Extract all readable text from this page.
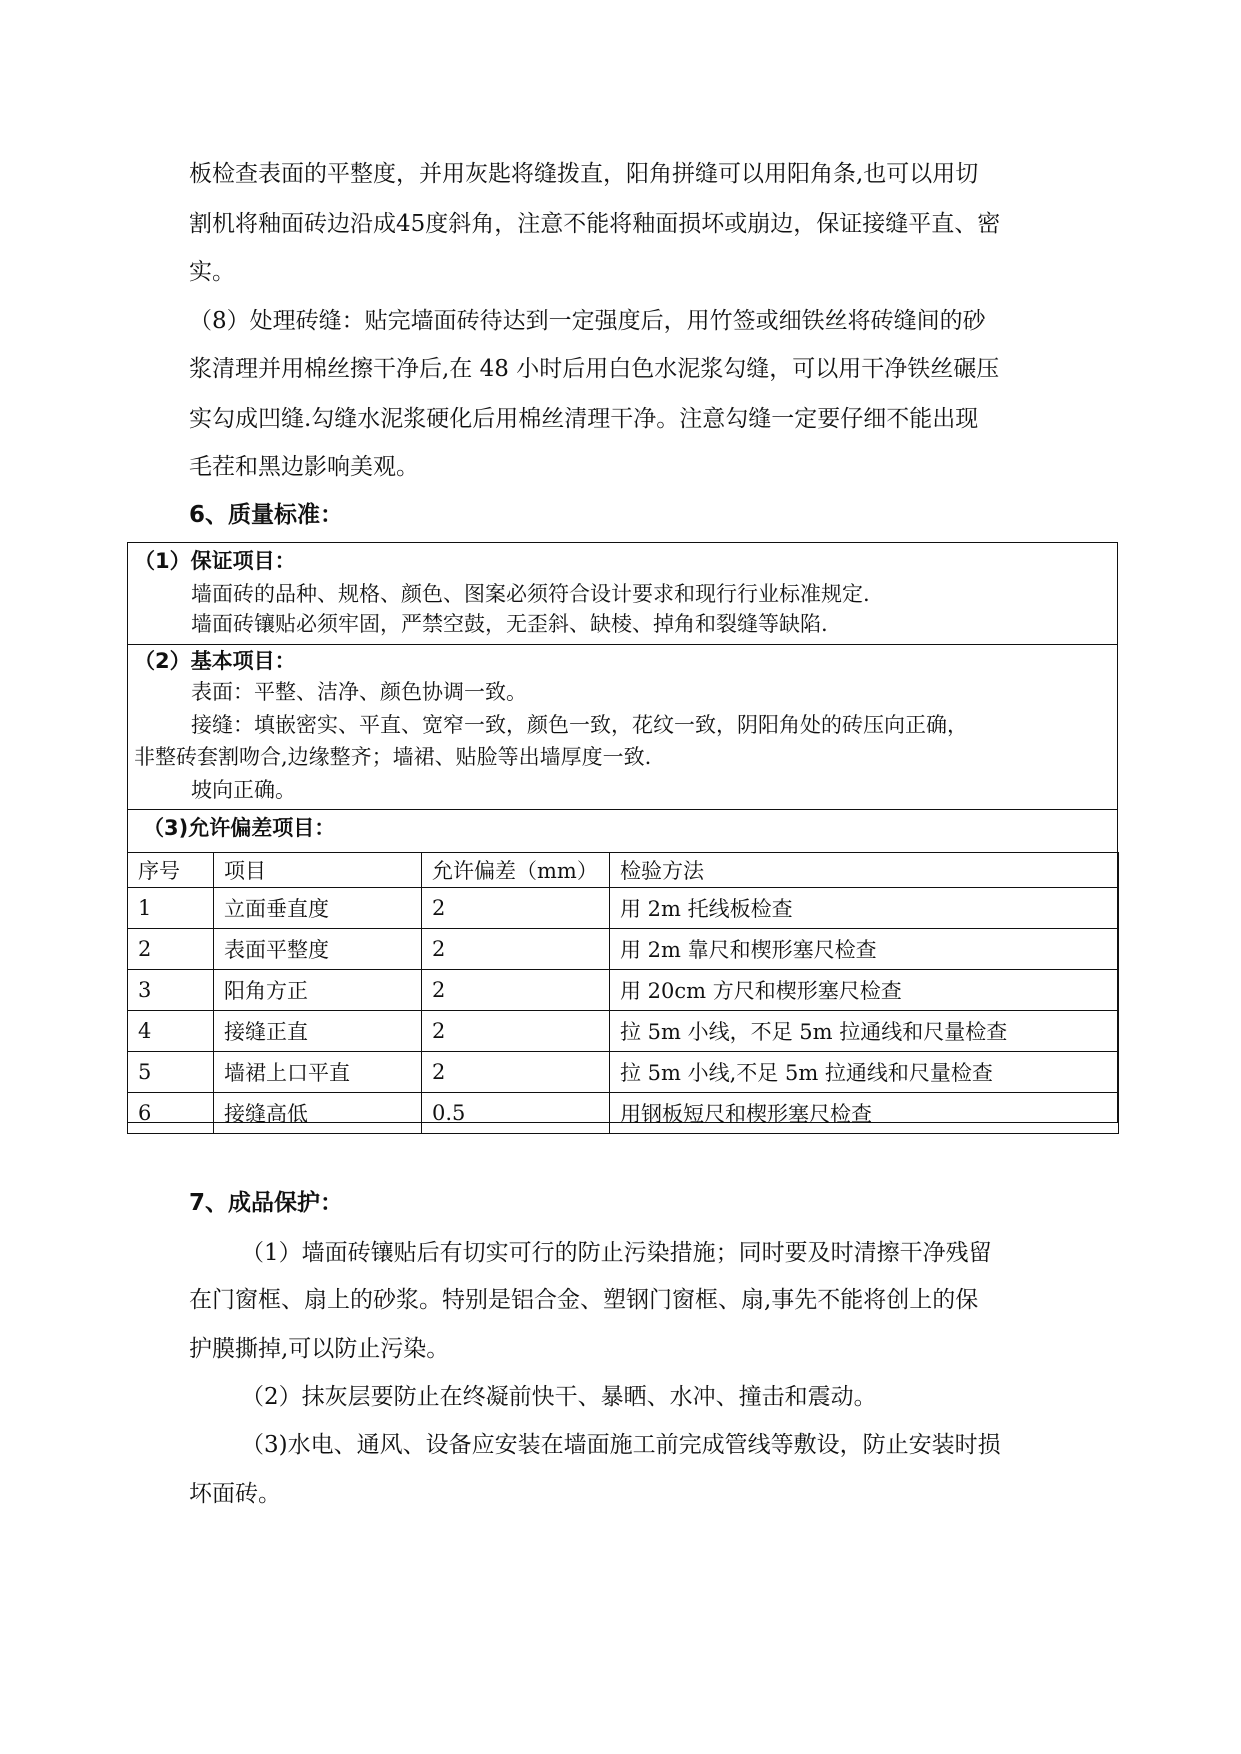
板检查表面的平整度，并用灰匙将缝拨直，阳角拼缝可以用阳角条,也可以用切
割机将釉面砖边沿成45度斜角，注意不能将釉面损坏或崩边，保证接缝平直、密
实。
（8）处理砖缝：贴完墙面砖待达到一定强度后，用竹签或细铁丝将砖缝间的砂
浆清理并用棉丝擦干净后,在 48 小时后用白色水泥浆勾缝，可以用干净铁丝碾压
实勾成凹缝.勾缝水泥浆硬化后用棉丝清理干净。注意勾缝一定要仔细不能出现
毛茬和黑边影响美观。
6、质量标准：
（1）保证项目：
墙面砖的品种、规格、颜色、图案必须符合设计要求和现行行业标准规定.
墙面砖镶贴必须牢固，严禁空鼓，无歪斜、缺棱、掉角和裂缝等缺陷.
（2）基本项目：
表面：平整、洁净、颜色协调一致。
接缝：填嵌密实、平直、宽窄一致，颜色一致，花纹一致，阴阳角处的砖压向正确，
非整砖套割吻合,边缘整齐；墙裙、贴脸等出墙厚度一致.
坡向正确。
（3)允许偏差项目：
序号	项目	允许偏差（mm）	检验方法
1	立面垂直度	2	用 2m 托线板检查
2	表面平整度	2	用 2m 靠尺和楔形塞尺检查
3	阳角方正	2	用 20cm 方尺和楔形塞尺检查
4	接缝正直	2	拉 5m 小线，不足 5m 拉通线和尺量检查
5	墙裙上口平直	2	拉 5m 小线,不足 5m 拉通线和尺量检查
6	接缝高低	0.5	用钢板短尺和楔形塞尺检查
7、成品保护：
（1）墙面砖镶贴后有切实可行的防止污染措施；同时要及时清擦干净残留
在门窗框、扇上的砂浆。特别是铝合金、塑钢门窗框、扇,事先不能将创上的保
护膜撕掉,可以防止污染。
（2）抹灰层要防止在终凝前快干、暴晒、水冲、撞击和震动。
（3)水电、通风、设备应安装在墙面施工前完成管线等敷设，防止安装时损
坏面砖。
